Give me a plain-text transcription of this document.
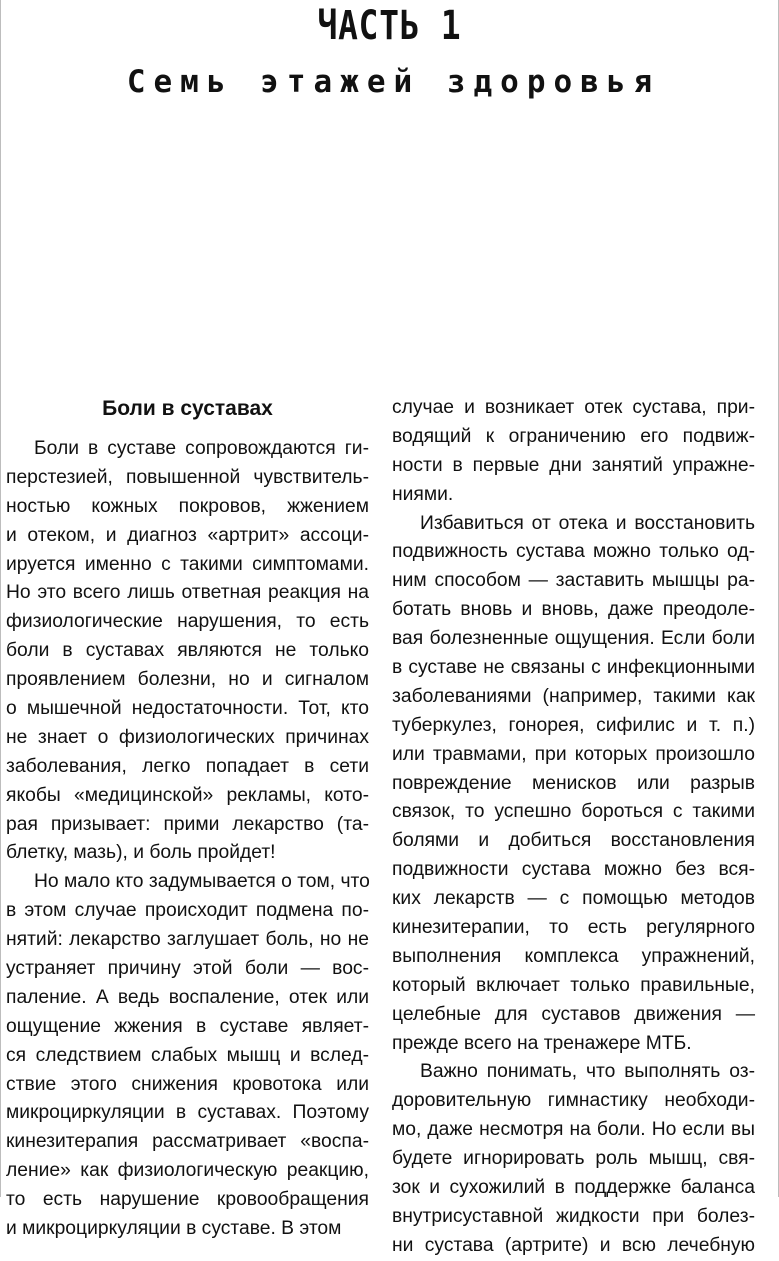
ЧАСТЬ 1
Семь этажей здоровья
Боли в суставах
Боли в суставе сопровождаются ги-
перстезией, повышенной чувствитель-
ностью кожных покровов, жжением
и отеком, и диагноз «артрит» ассоци-
ируется именно с такими симптомами.
Но это всего лишь ответная реакция на
физиологические нарушения, то есть
боли в суставах являются не только
проявлением болезни, но и сигналом
о мышечной недостаточности. Тот, кто
не знает о физиологических причинах
заболевания, легко попадает в сети
якобы «медицинской» рекламы, кото-
рая призывает: прими лекарство (та-
блетку, мазь), и боль пройдет!
Но мало кто задумывается о том, что
в этом случае происходит подмена по-
нятий: лекарство заглушает боль, но не
устраняет причину этой боли — вос-
паление. А ведь воспаление, отек или
ощущение жжения в суставе являет-
ся следствием слабых мышц и вслед-
ствие этого снижения кровотока или
микроциркуляции в суставах. Поэтому
кинезитерапия рассматривает «воспа-
ление» как физиологическую реакцию,
то есть нарушение кровообращения
и микроциркуляции в суставе. В этом
случае и возникает отек сустава, при-
водящий к ограничению его подвиж-
ности в первые дни занятий упражне-
ниями.
Избавиться от отека и восстановить
подвижность сустава можно только од-
ним способом — заставить мышцы ра-
ботать вновь и вновь, даже преодоле-
вая болезненные ощущения. Если боли
в суставе не связаны с инфекционными
заболеваниями (например, такими как
туберкулез, гонорея, сифилис и т. п.)
или травмами, при которых произошло
повреждение менисков или разрыв
связок, то успешно бороться с такими
болями и добиться восстановления
подвижности сустава можно без вся-
ких лекарств — с помощью методов
кинезитерапии, то есть регулярного
выполнения комплекса упражнений,
который включает только правильные,
целебные для суставов движения —
прежде всего на тренажере МТБ.
Важно понимать, что выполнять оз-
доровительную гимнастику необходи-
мо, даже несмотря на боли. Но если вы
будете игнорировать роль мышц, свя-
зок и сухожилий в поддержке баланса
внутрисуставной жидкости при болез-
ни сустава (артрите) и всю лечебную
